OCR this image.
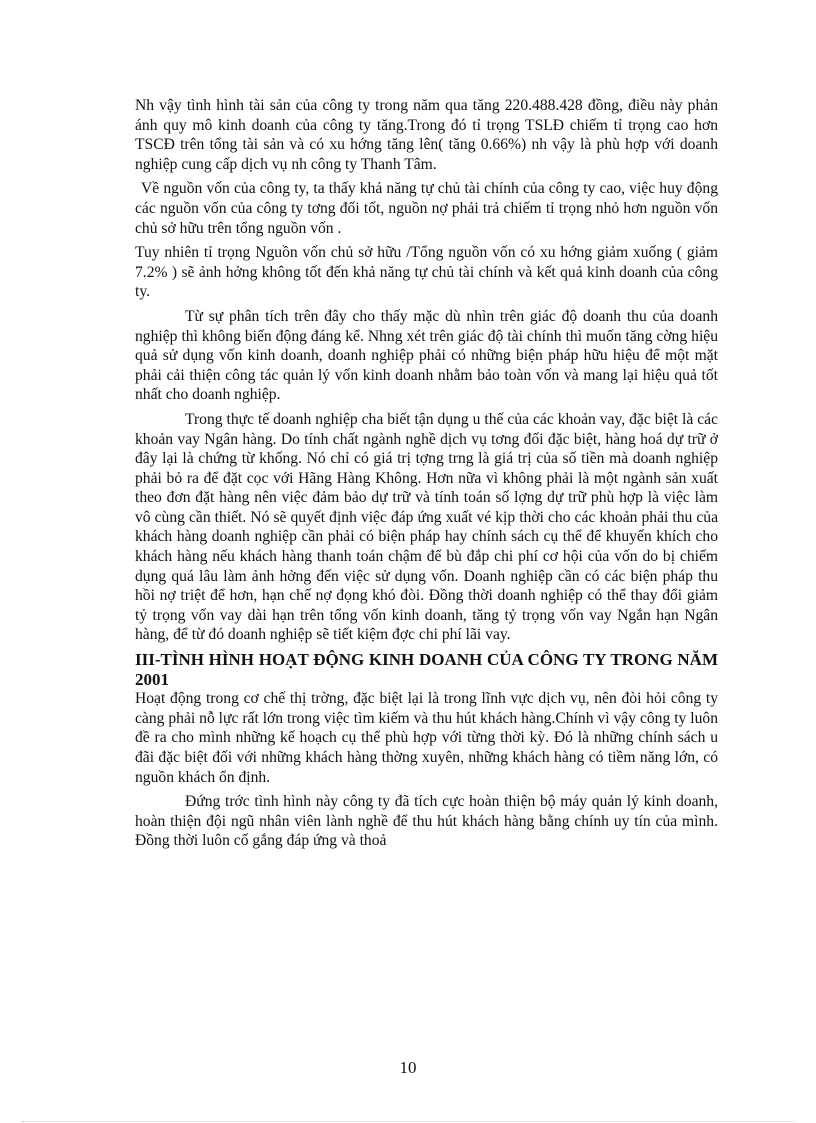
Nh vậy tình hình tài sản của công ty trong năm qua tăng 220.488.428 đồng, điều này phản ánh quy mô kinh doanh của công ty tăng.Trong đó tỉ trọng TSLĐ chiếm tỉ trọng cao hơn TSCĐ trên tổng tài sản và có xu hớng tăng lên( tăng 0.66%) nh vậy là phù hợp với doanh nghiệp cung cấp dịch vụ nh công ty Thanh Tâm.

Về nguồn vốn của công ty, ta thấy khả năng tự chủ tài chính của công ty cao, việc huy động các nguồn vốn của công ty tơng đối tốt, nguồn nợ phải trả chiếm tỉ trọng nhỏ hơn nguồn vốn chủ sở hữu trên tổng nguồn vốn .

Tuy nhiên tỉ trọng Nguồn vốn chủ sở hữu /Tổng nguồn vốn có xu hớng giảm xuống ( giảm 7.2% ) sẽ ảnh hởng không tốt đến khả năng tự chủ tài chính và kết quả kinh doanh của công ty.

Từ sự phân tích trên đây cho thấy mặc dù nhìn trên giác độ doanh thu của doanh nghiệp thì không biến động đáng kể. Nhng xét trên giác độ tài chính thì muốn tăng cờng hiệu quả sử dụng vốn kinh doanh, doanh nghiệp phải có những biện pháp hữu hiệu để một mặt phải cải thiện công tác quản lý vốn kinh doanh nhằm bảo toàn vốn và mang lại hiệu quả tốt nhất cho doanh nghiệp.

Trong thực tế doanh nghiệp cha biết tận dụng u thế của các khoản vay, đặc biệt là các khoản vay Ngân hàng. Do tính chất ngành nghề dịch vụ tơng đối đặc biệt, hàng hoá dự trữ ở đây lại là chứng từ khống. Nó chỉ có giá trị tợng trng là giá trị của số tiền mà doanh nghiệp phải bỏ ra để đặt cọc với Hãng Hàng Không. Hơn nữa vì không phải là một ngành sản xuất theo đơn đặt hàng nên việc đảm bảo dự trữ và tính toán số lợng dự trữ phù hợp là việc làm vô cùng cần thiết. Nó sẽ quyết định việc đáp ứng xuất vé kịp thời cho các khoản phải thu của khách hàng doanh nghiệp cần phải có biện pháp hay chính sách cụ thể để khuyến khích cho khách hàng nếu khách hàng thanh toán chậm để bù đắp chi phí cơ hội của vốn do bị chiếm dụng quá lâu làm ảnh hởng đến việc sử dụng vốn. Doanh nghiệp cần có các biện pháp thu hồi nợ triệt để hơn, hạn chế nợ đọng khó đòi. Đồng thời doanh nghiệp có thể thay đổi giảm tỷ trọng vốn vay dài hạn trên tổng vốn kinh doanh, tăng tỷ trọng vốn vay Ngắn hạn Ngân hàng, để từ đó doanh nghiệp sẽ tiết kiệm đợc chi phí lãi vay.

III-TÌNH HÌNH HOẠT ĐỘNG KINH DOANH CỦA CÔNG TY TRONG NĂM 2001

Hoạt động trong cơ chế thị trờng, đặc biệt lại là trong lĩnh vực dịch vụ, nên đòi hỏi công ty càng phải nỗ lực rất lớn trong việc tìm kiếm và thu hút khách hàng.Chính vì vậy công ty luôn đề ra cho mình những kế hoạch cụ thể phù hợp với từng thời kỳ. Đó là những chính sách u đãi đặc biệt đối với những khách hàng thờng xuyên, những khách hàng có tiềm năng lớn, có nguồn khách ổn định.

Đứng trớc tình hình này công ty đã tích cực hoàn thiện bộ máy quản lý kinh doanh, hoàn thiện đội ngũ nhân viên lành nghề để thu hút khách hàng bằng chính uy tín của mình. Đồng thời luôn cố gắng đáp ứng và thoả

10
